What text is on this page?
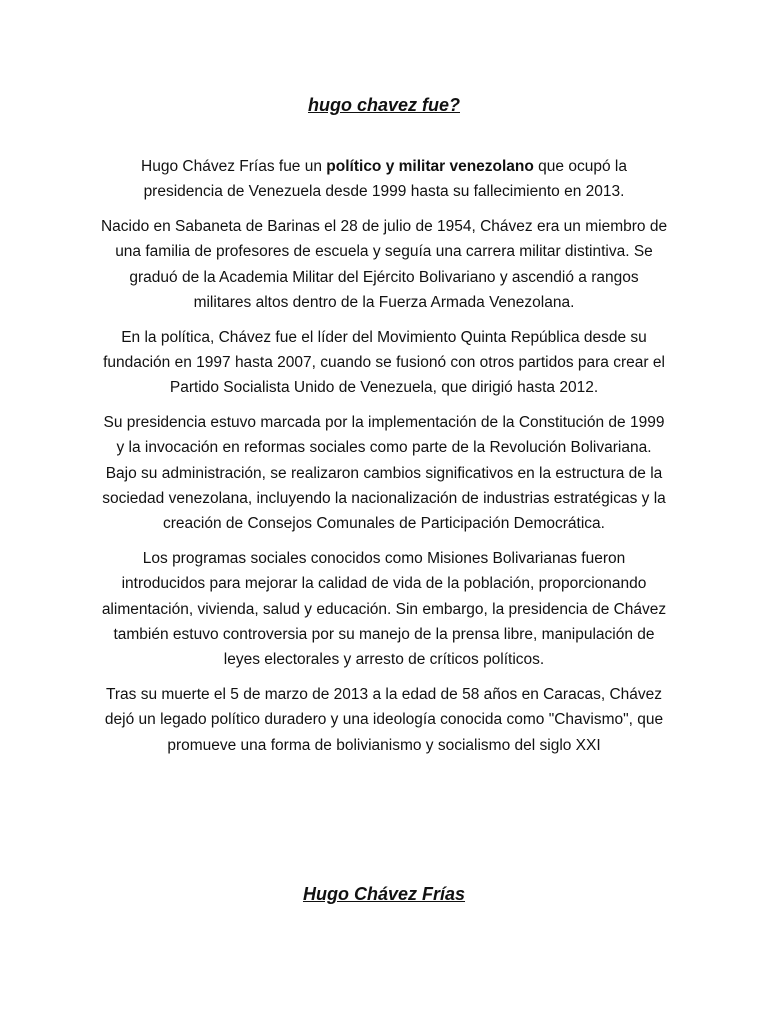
hugo chavez fue?

Hugo Chávez Frías fue un político y militar venezolano que ocupó la presidencia de Venezuela desde 1999 hasta su fallecimiento en 2013.

Nacido en Sabaneta de Barinas el 28 de julio de 1954, Chávez era un miembro de una familia de profesores de escuela y seguía una carrera militar distintiva. Se graduó de la Academia Militar del Ejército Bolivariano y ascendió a rangos militares altos dentro de la Fuerza Armada Venezolana.

En la política, Chávez fue el líder del Movimiento Quinta República desde su fundación en 1997 hasta 2007, cuando se fusionó con otros partidos para crear el Partido Socialista Unido de Venezuela, que dirigió hasta 2012.

Su presidencia estuvo marcada por la implementación de la Constitución de 1999 y la invocación en reformas sociales como parte de la Revolución Bolivariana. Bajo su administración, se realizaron cambios significativos en la estructura de la sociedad venezolana, incluyendo la nacionalización de industrias estratégicas y la creación de Consejos Comunales de Participación Democrática.

Los programas sociales conocidos como Misiones Bolivarianas fueron introducidos para mejorar la calidad de vida de la población, proporcionando alimentación, vivienda, salud y educación. Sin embargo, la presidencia de Chávez también estuvo controversia por su manejo de la prensa libre, manipulación de leyes electorales y arresto de críticos políticos.

Tras su muerte el 5 de marzo de 2013 a la edad de 58 años en Caracas, Chávez dejó un legado político duradero y una ideología conocida como "Chavismo", que promueve una forma de bolivianismo y socialismo del siglo XXI

Hugo Chávez Frías
